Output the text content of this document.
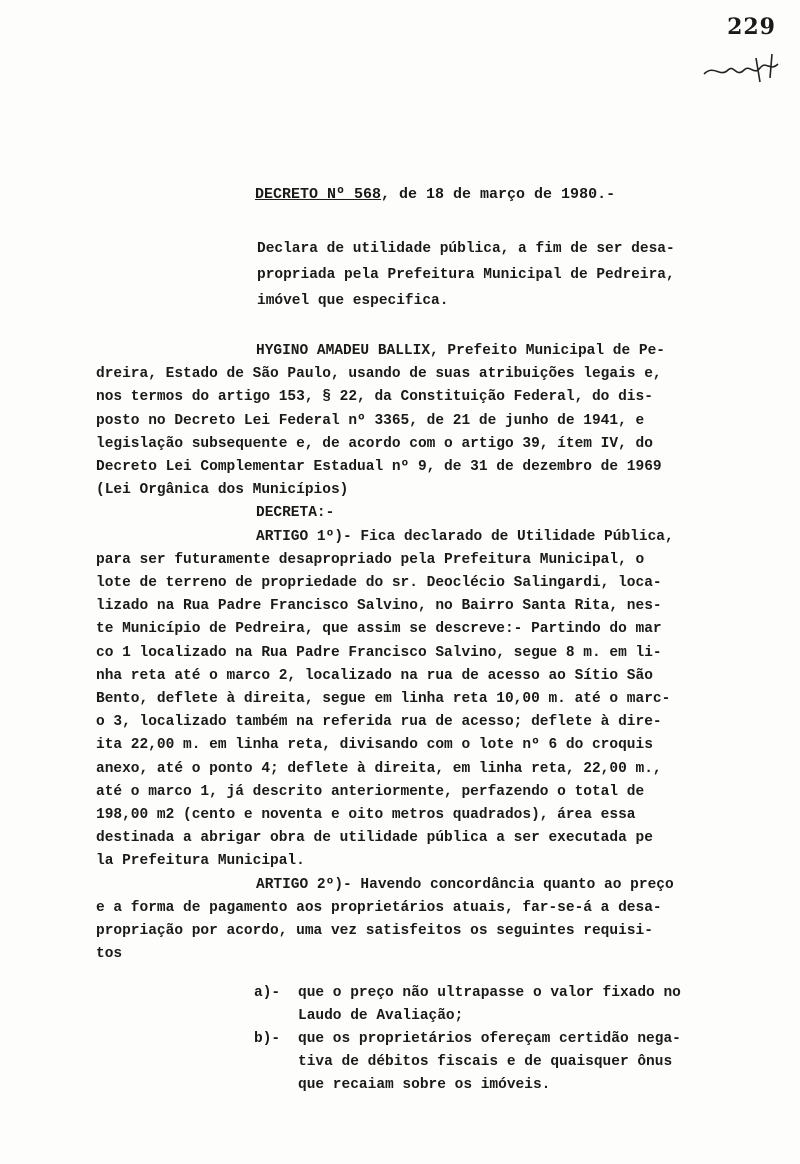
229
DECRETO Nº 568, de 18 de março de 1980.-
Declara de utilidade pública, a fim de ser desa-
propriada pela Prefeitura Municipal de Pedreira,
imóvel que especifica.
HYGINO AMADEU BALLIX, Prefeito Municipal de Pe-
dreira, Estado de São Paulo, usando de suas atribuições legais e,
nos termos do artigo 153, § 22, da Constituição Federal, do dis-
posto no Decreto Lei Federal nº 3365, de 21 de junho de 1941, e
legislação subsequente e, de acordo com o artigo 39, ítem IV, do
Decreto Lei Complementar Estadual nº 9, de 31 de dezembro de 1969
(Lei Orgânica dos Municípios)
DECRETA:-
ARTIGO 1º)- Fica declarado de Utilidade Pública,
para ser futuramente desapropriado pela Prefeitura Municipal, o
lote de terreno de propriedade do sr. Deoclécio Salingardi, loca-
lizado na Rua Padre Francisco Salvino, no Bairro Santa Rita, nes-
te Município de Pedreira, que assim se descreve:- Partindo do mar
co 1 localizado na Rua Padre Francisco Salvino, segue 8 m. em li-
nha reta até o marco 2, localizado na rua de acesso ao Sítio São
Bento, deflete à direita, segue em linha reta 10,00 m. até o marc-
o 3, localizado também na referida rua de acesso; deflete à dire-
ita 22,00 m. em linha reta, divisando com o lote nº 6 do croquis
anexo, até o ponto 4; deflete à direita, em linha reta, 22,00 m.,
até o marco 1, já descrito anteriormente, perfazendo o total de
198,00 m2 (cento e noventa e oito metros quadrados), área essa
destinada a abrigar obra de utilidade pública a ser executada pe
la Prefeitura Municipal.
ARTIGO 2º)- Havendo concordância quanto ao preço
e a forma de pagamento aos proprietários atuais, far-se-á a desa-
propriação por acordo, uma vez satisfeitos os seguintes requisi-
tos
a)-	que o preço não ultrapasse o valor fixado no
Laudo de Avaliação;
b)-	que os proprietários ofereçam certidão nega-
tiva de débitos fiscais e de quaisquer ônus
que recaiam sobre os imóveis.
